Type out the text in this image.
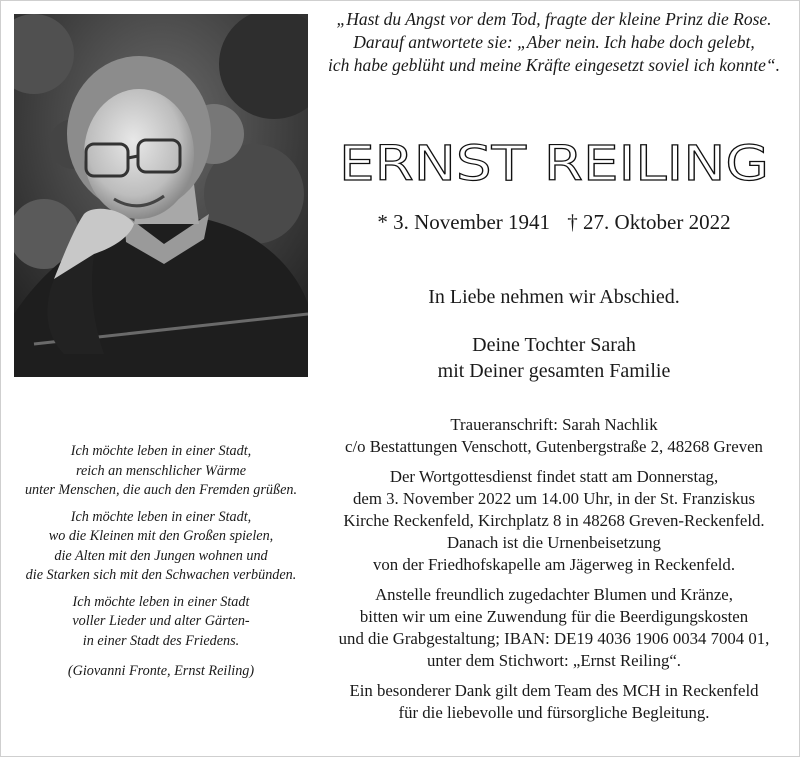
„Hast du Angst vor dem Tod, fragte der kleine Prinz die Rose.
Darauf antwortete sie: „Aber nein. Ich habe doch gelebt,
ich habe geblüht und meine Kräfte eingesetzt soviel ich konnte“.
ERNST REILING
* 3. November 1941 † 27. Oktober 2022
In Liebe nehmen wir Abschied.
Deine Tochter Sarah
mit Deiner gesamten Familie
Ich möchte leben in einer Stadt,
reich an menschlicher Wärme
unter Menschen, die auch den Fremden grüßen.
Ich möchte leben in einer Stadt,
wo die Kleinen mit den Großen spielen,
die Alten mit den Jungen wohnen und
die Starken sich mit den Schwachen verbünden.
Ich möchte leben in einer Stadt
voller Lieder und alter Gärten-
in einer Stadt des Friedens.
(Giovanni Fronte, Ernst Reiling)
Traueranschrift: Sarah Nachlik
c/o Bestattungen Venschott, Gutenbergstraße 2, 48268 Greven
Der Wortgottesdienst findet statt am Donnerstag,
dem 3. November 2022 um 14.00 Uhr, in der St. Franziskus
Kirche Reckenfeld, Kirchplatz 8 in 48268 Greven-Reckenfeld.
Danach ist die Urnenbeisetzung
von der Friedhofskapelle am Jägerweg in Reckenfeld.
Anstelle freundlich zugedachter Blumen und Kränze,
bitten wir um eine Zuwendung für die Beerdigungskosten
und die Grabgestaltung; IBAN: DE19 4036 1906 0034 7004 01,
unter dem Stichwort: „Ernst Reiling“.
Ein besonderer Dank gilt dem Team des MCH in Reckenfeld
für die liebevolle und fürsorgliche Begleitung.
